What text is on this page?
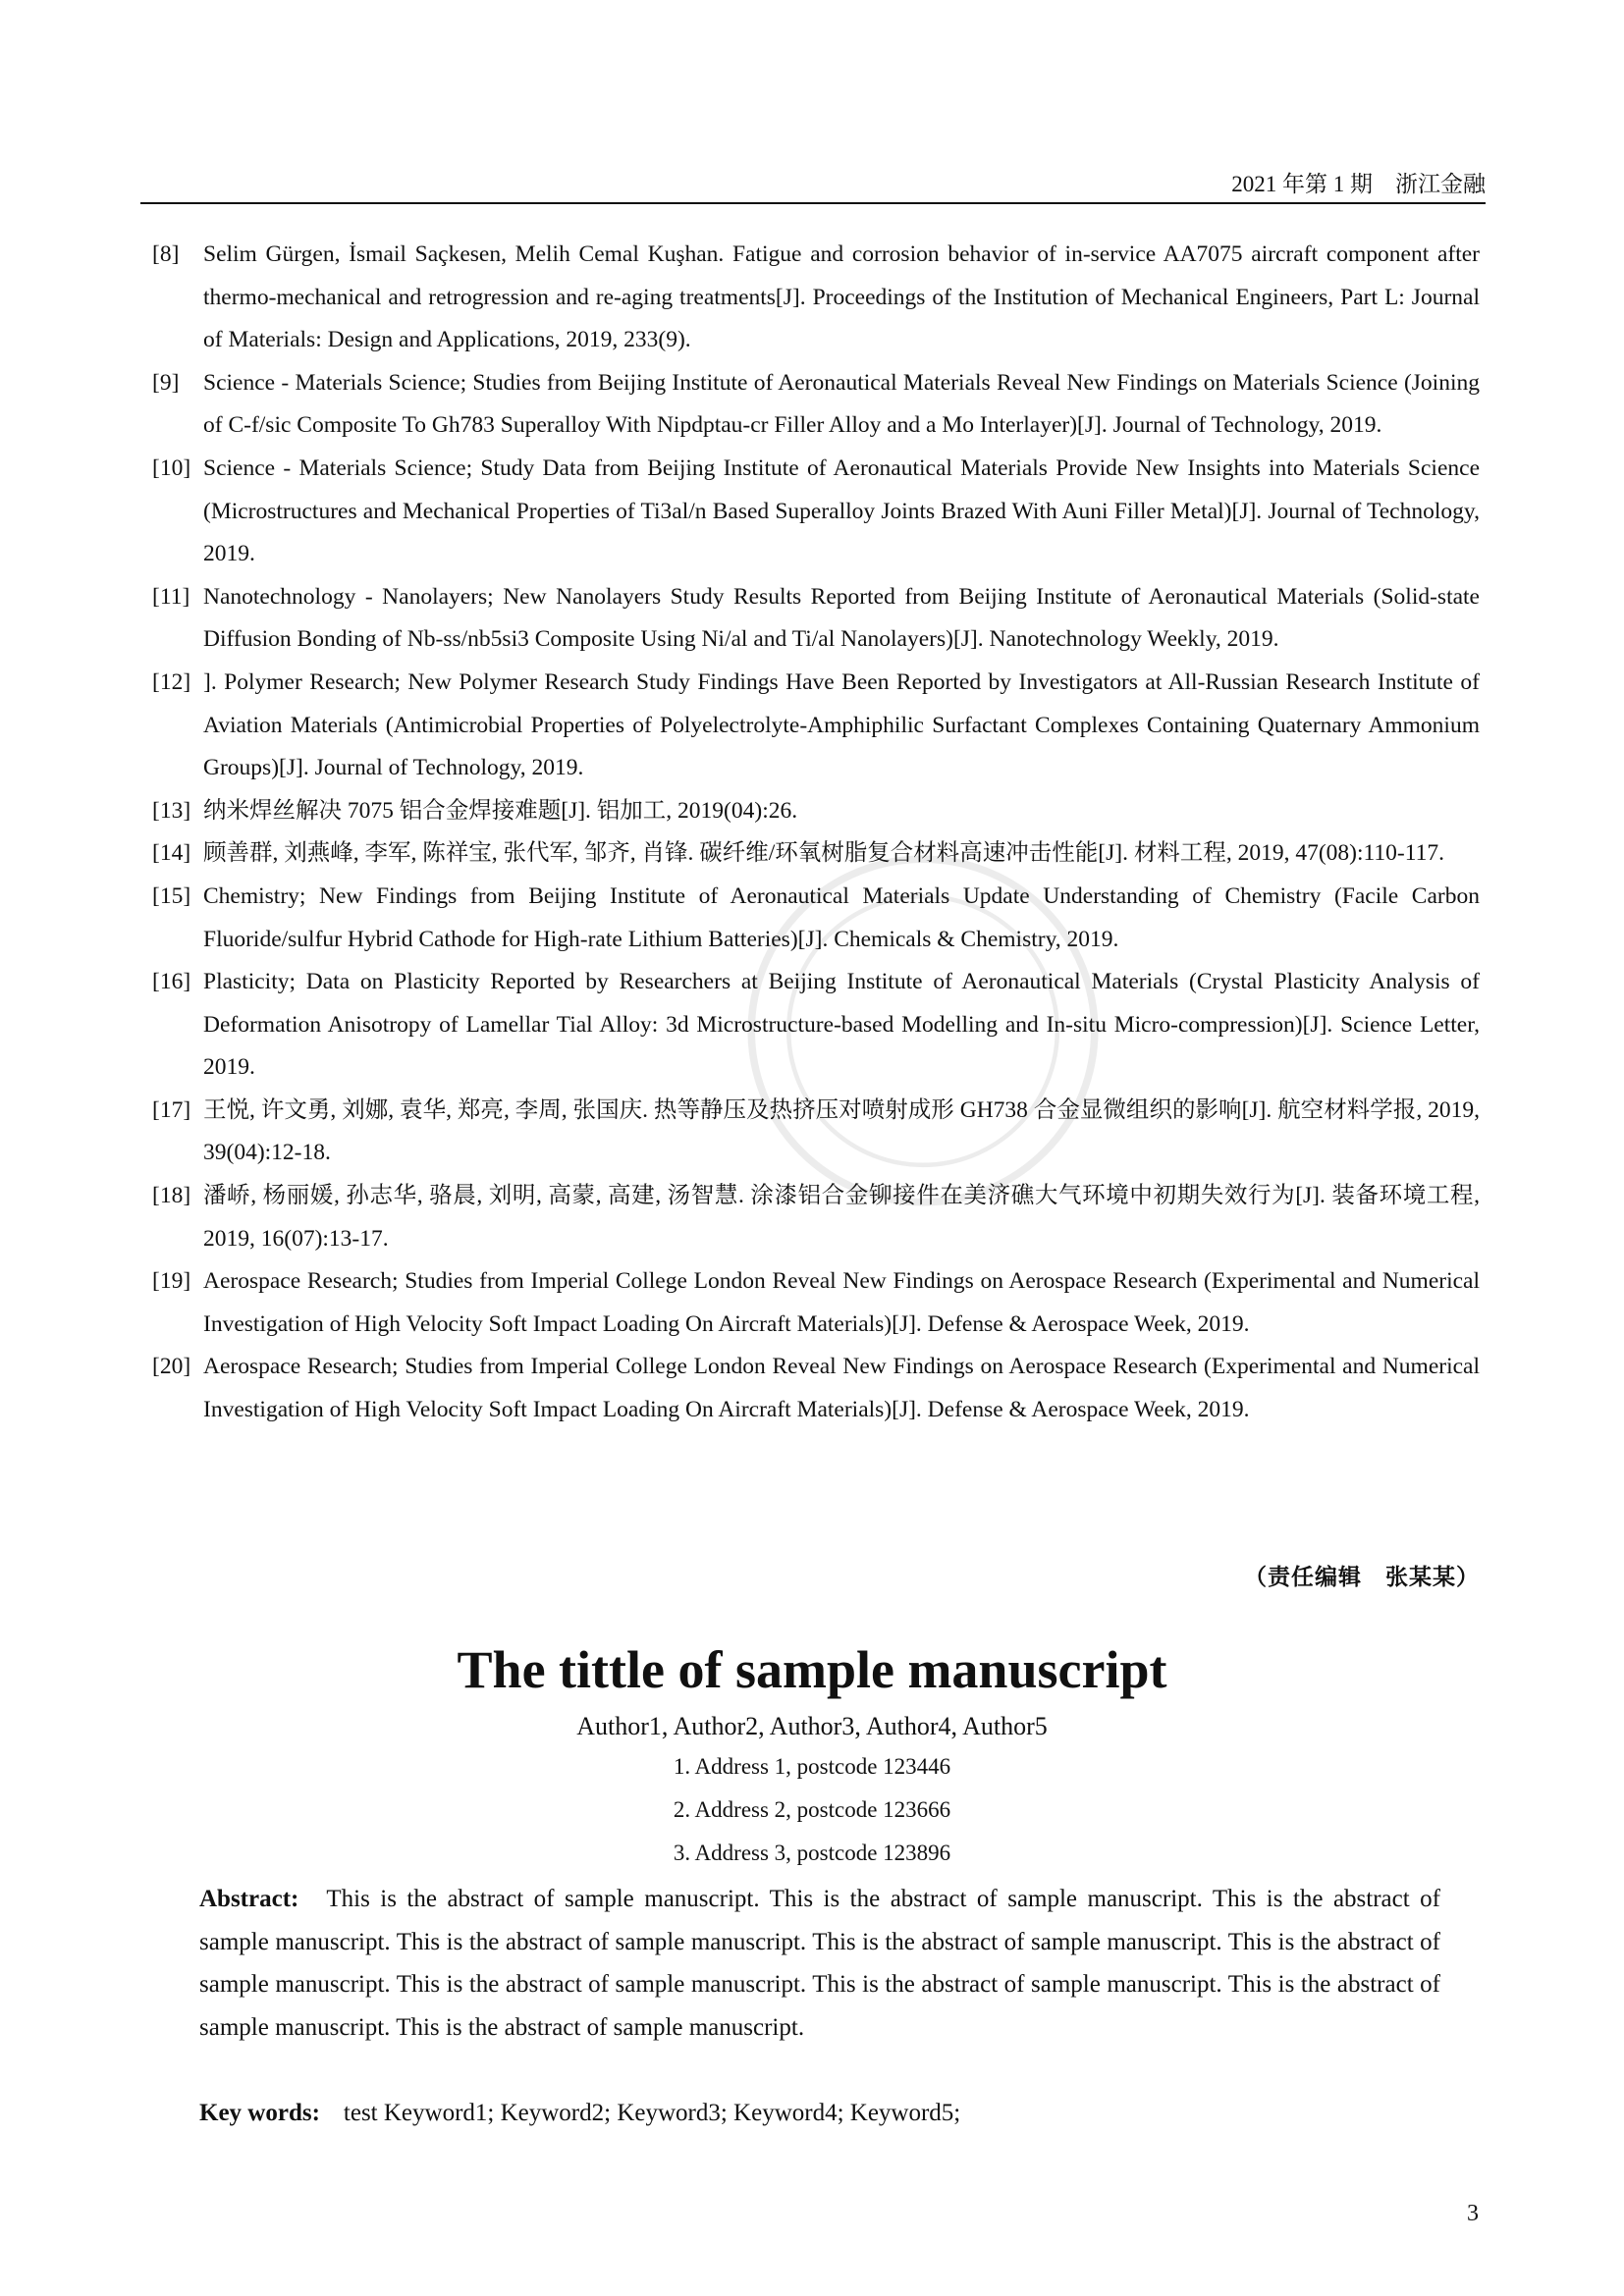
2021 年第 1 期　浙江金融
[8] Selim Gürgen, İsmail Saçkesen, Melih Cemal Kuşhan. Fatigue and corrosion behavior of in-service AA7075 aircraft component after thermo-mechanical and retrogression and re-aging treatments[J]. Proceedings of the Institution of Mechanical Engineers, Part L: Journal of Materials: Design and Applications, 2019, 233(9).
[9] Science - Materials Science; Studies from Beijing Institute of Aeronautical Materials Reveal New Findings on Materials Science (Joining of C-f/sic Composite To Gh783 Superalloy With Nipdptau-cr Filler Alloy and a Mo Interlayer)[J]. Journal of Technology, 2019.
[10] Science - Materials Science; Study Data from Beijing Institute of Aeronautical Materials Provide New Insights into Materials Science (Microstructures and Mechanical Properties of Ti3al/n Based Superalloy Joints Brazed With Auni Filler Metal)[J]. Journal of Technology, 2019.
[11] Nanotechnology - Nanolayers; New Nanolayers Study Results Reported from Beijing Institute of Aeronautical Materials (Solid-state Diffusion Bonding of Nb-ss/nb5si3 Composite Using Ni/al and Ti/al Nanolayers)[J]. Nanotechnology Weekly, 2019.
[12] ]. Polymer Research; New Polymer Research Study Findings Have Been Reported by Investigators at All-Russian Research Institute of Aviation Materials (Antimicrobial Properties of Polyelectrolyte-Amphiphilic Surfactant Complexes Containing Quaternary Ammonium Groups)[J]. Journal of Technology, 2019.
[13] 纳米焊丝解决 7075 铝合金焊接难题[J]. 铝加工, 2019(04):26.
[14] 顾善群, 刘燕峰, 李军, 陈祥宝, 张代军, 邹齐, 肖锋. 碳纤维/环氧树脂复合材料高速冲击性能[J]. 材料工程, 2019, 47(08):110-117.
[15] Chemistry; New Findings from Beijing Institute of Aeronautical Materials Update Understanding of Chemistry (Facile Carbon Fluoride/sulfur Hybrid Cathode for High-rate Lithium Batteries)[J]. Chemicals & Chemistry, 2019.
[16] Plasticity; Data on Plasticity Reported by Researchers at Beijing Institute of Aeronautical Materials (Crystal Plasticity Analysis of Deformation Anisotropy of Lamellar Tial Alloy: 3d Microstructure-based Modelling and In-situ Micro-compression)[J]. Science Letter, 2019.
[17] 王悦, 许文勇, 刘娜, 袁华, 郑亮, 李周, 张国庆. 热等静压及热挤压对喷射成形 GH738 合金显微组织的影响[J]. 航空材料学报, 2019, 39(04):12-18.
[18] 潘峤, 杨丽媛, 孙志华, 骆晨, 刘明, 高蒙, 高建, 汤智慧. 涂漆铝合金铆接件在美济礁大气环境中初期失效行为[J]. 装备环境工程, 2019, 16(07):13-17.
[19] Aerospace Research; Studies from Imperial College London Reveal New Findings on Aerospace Research (Experimental and Numerical Investigation of High Velocity Soft Impact Loading On Aircraft Materials)[J]. Defense & Aerospace Week, 2019.
[20] Aerospace Research; Studies from Imperial College London Reveal New Findings on Aerospace Research (Experimental and Numerical Investigation of High Velocity Soft Impact Loading On Aircraft Materials)[J]. Defense & Aerospace Week, 2019.
（责任编辑　张某某）
The tittle of sample manuscript
Author1, Author2, Author3, Author4, Author5
1. Address 1, postcode 123446
2. Address 2, postcode 123666
3. Address 3, postcode 123896

Abstract: This is the abstract of sample manuscript. This is the abstract of sample manuscript. This is the abstract of sample manuscript. This is the abstract of sample manuscript. This is the abstract of sample manuscript. This is the abstract of sample manuscript. This is the abstract of sample manuscript. This is the abstract of sample manuscript. This is the abstract of sample manuscript. This is the abstract of sample manuscript.

Key words: test Keyword1; Keyword2; Keyword3; Keyword4; Keyword5;
3
